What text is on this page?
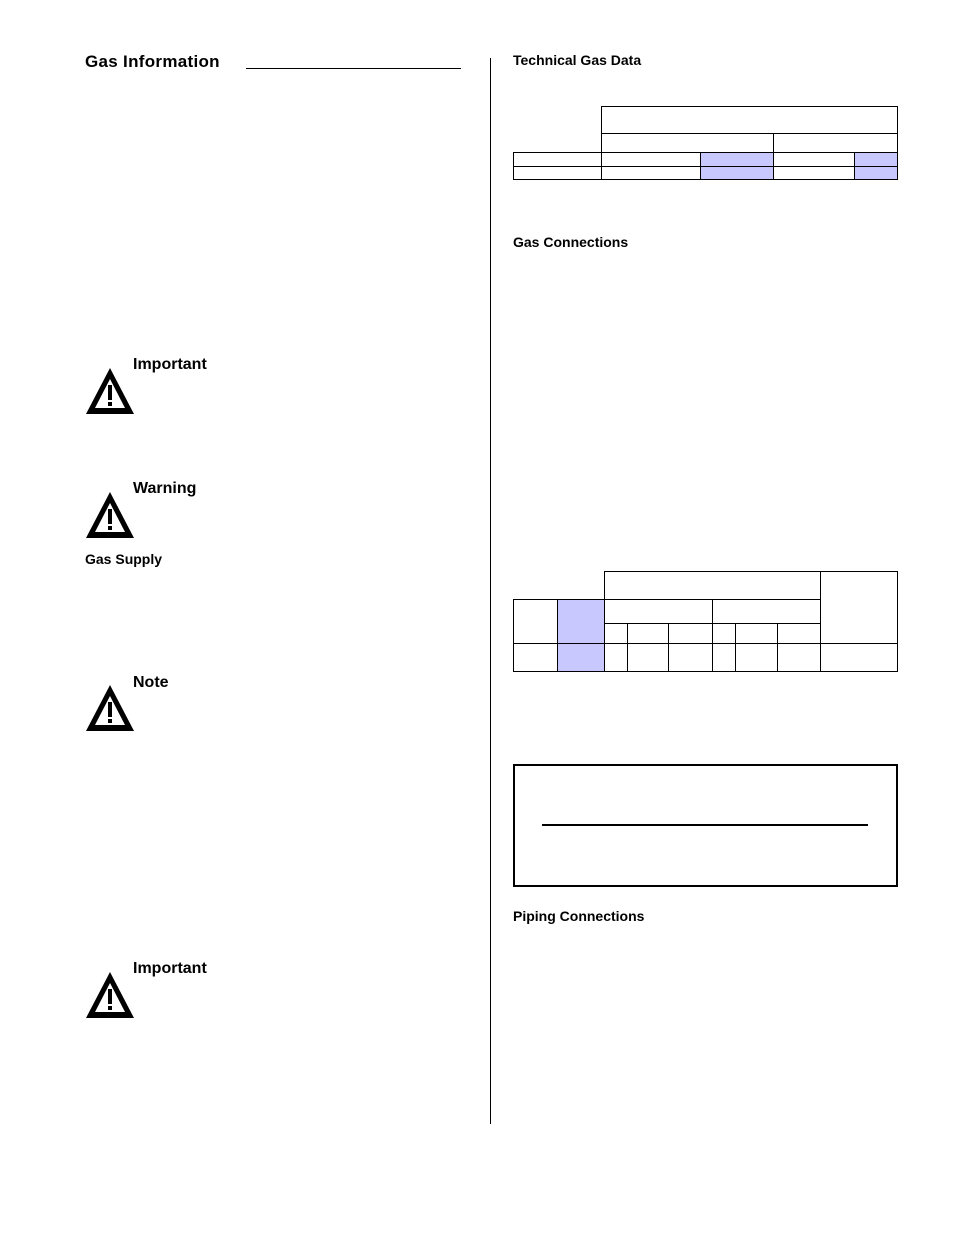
Gas Information
Important
Warning
Gas Supply
Note
Important
Technical Gas Data
Gas Connections
Piping Connections
